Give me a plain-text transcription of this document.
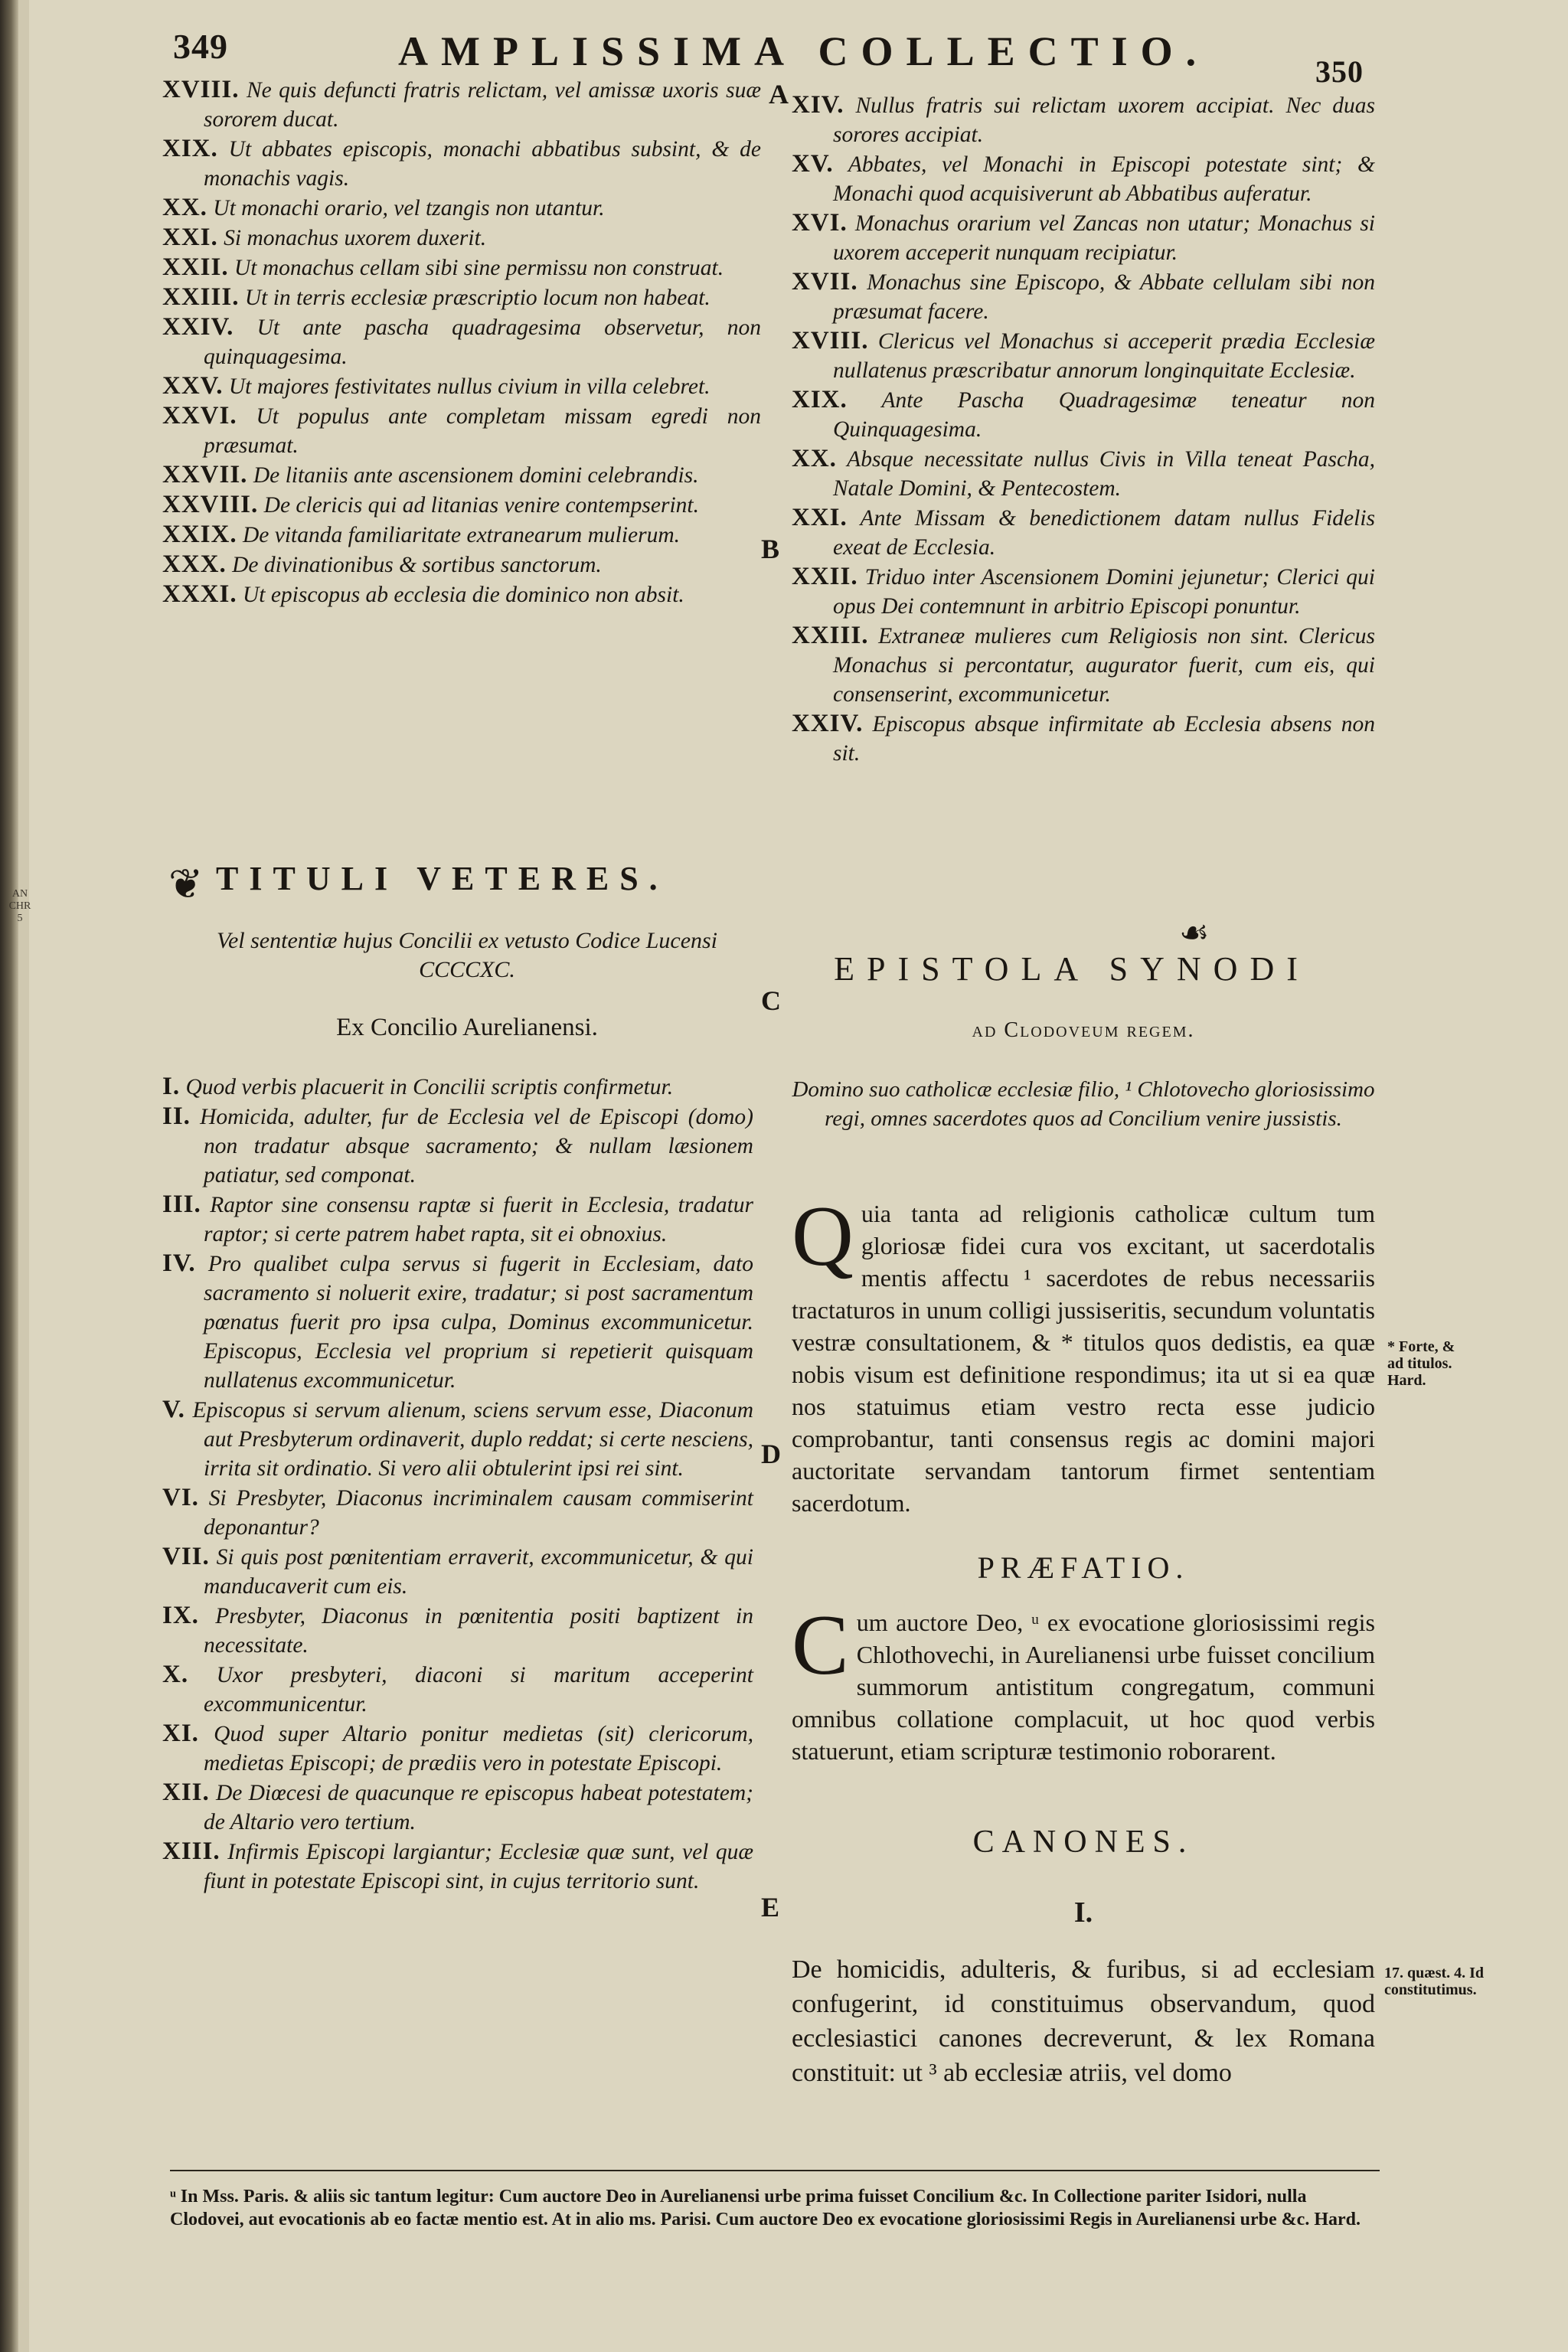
AN
CHR
5
349	AMPLISSIMA COLLECTIO.	350
XVIII. Ne quis defuncti fratris relictam, vel amissæ uxoris suæ sororem ducat.
XIX. Ut abbates episcopis, monachi abbatibus subsint, & de monachis vagis.
XX. Ut monachi orario, vel tzangis non utantur.
XXI. Si monachus uxorem duxerit.
XXII. Ut monachus cellam sibi sine permissu non construat.
XXIII. Ut in terris ecclesiæ præscriptio locum non habeat.
XXIV. Ut ante pascha quadragesima observetur, non quinquagesima.
XXV. Ut majores festivitates nullus civium in villa celebret.
XXVI. Ut populus ante completam missam egredi non præsumat.
XXVII. De litaniis ante ascensionem domini celebrandis.
XXVIII. De clericis qui ad litanias venire contempserint.
XXIX. De vitanda familiaritate extranearum mulierum.
XXX. De divinationibus & sortibus sanctorum.
XXXI. Ut episcopus ab ecclesia die dominico non absit.
❦ TITULI VETERES.
Vel sententiæ hujus Concilii ex vetusto Codice Lucensi CCCCXC.
Ex Concilio Aurelianensi.
I. Quod verbis placuerit in Concilii scriptis confirmetur.
II. Homicida, adulter, fur de Ecclesia vel de Episcopi (domo) non tradatur absque sacramento; & nullam læsionem patiatur, sed componat.
III. Raptor sine consensu raptæ si fuerit in Ecclesia, tradatur raptor; si certe patrem habet rapta, sit ei obnoxius.
IV. Pro qualibet culpa servus si fugerit in Ecclesiam, dato sacramento si noluerit exire, tradatur; si post sacramentum pœnatus fuerit pro ipsa culpa, Dominus excommunicetur. Episcopus, Ecclesia vel proprium si repetierit quisquam nullatenus excommunicetur.
V. Episcopus si servum alienum, sciens servum esse, Diaconum aut Presbyterum ordinaverit, duplo reddat; si certe nesciens, irrita sit ordinatio. Si vero alii obtulerint ipsi rei sint.
VI. Si Presbyter, Diaconus incriminalem causam commiserint deponantur?
VII. Si quis post pœnitentiam erraverit, excommunicetur, & qui manducaverit cum eis.
IX. Presbyter, Diaconus in pœnitentia positi baptizent in necessitate.
X. Uxor presbyteri, diaconi si maritum acceperint excommunicentur.
XI. Quod super Altario ponitur medietas (sit) clericorum, medietas Episcopi; de prædiis vero in potestate Episcopi.
XII. De Diœcesi de quacunque re episcopus habeat potestatem; de Altario vero tertium.
XIII. Infirmis Episcopi largiantur; Ecclesiæ quæ sunt, vel quæ fiunt in potestate Episcopi sint, in cujus territorio sunt.
A
B
C
D
E
XIV. Nullus fratris sui relictam uxorem accipiat. Nec duas sorores accipiat.
XV. Abbates, vel Monachi in Episcopi potestate sint; & Monachi quod acquisiverunt ab Abbatibus auferatur.
XVI. Monachus orarium vel Zancas non utatur; Monachus si uxorem acceperit nunquam recipiatur.
XVII. Monachus sine Episcopo, & Abbate cellulam sibi non præsumat facere.
XVIII. Clericus vel Monachus si acceperit prædia Ecclesiæ nullatenus præscribatur annorum longinquitate Ecclesiæ.
XIX. Ante Pascha Quadragesimæ teneatur non Quinquagesima.
XX. Absque necessitate nullus Civis in Villa teneat Pascha, Natale Domini, & Pentecostem.
XXI. Ante Missam & benedictionem datam nullus Fidelis exeat de Ecclesia.
XXII. Triduo inter Ascensionem Domini jejunetur; Clerici qui opus Dei contemnunt in arbitrio Episcopi ponuntur.
XXIII. Extraneæ mulieres cum Religiosis non sint. Clericus Monachus si percontatur, augurator fuerit, cum eis, qui consenserint, excommunicetur.
XXIV. Episcopus absque infirmitate ab Ecclesia absens non sit.
☙
EPISTOLA SYNODI
ad Clodoveum regem.
Domino suo catholicæ ecclesiæ filio, ¹ Chlotovecho gloriosissimo regi, omnes sacerdotes quos ad Concilium venire jussistis.

Quia tanta ad religionis catholicæ cultum tum gloriosæ fidei cura vos excitant, ut sacerdotalis mentis affectu ¹ sacerdotes de rebus necessariis tractaturos in unum colligi jussiseritis, secundum voluntatis vestræ consultationem, & * titulos quos dedistis, ea quæ nobis visum est definitione respondimus; ita ut si ea quæ nos statuimus etiam vestro recta esse judicio comprobantur, tanti consensus regis ac domini majori auctoritate servandam tantorum firmet sententiam sacerdotum.

PRÆFATIO.

Cum auctore Deo, ᵘ ex evocatione gloriosissimi regis Chlothovechi, in Aurelianensi urbe fuisset concilium summorum antistitum congregatum, communi omnibus collatione complacuit, ut hoc quod verbis statuerunt, etiam scripturæ testimonio roborarent.

CANONES.
I.

De homicidis, adulteris, & furibus, si ad ecclesiam confugerint, id constituimus observandum, quod ecclesiastici canones decreverunt, & lex Romana constituit: ut ³ ab ecclesiæ atriis, vel domo

* Forte, & ad titulos. Hard.
17. quæst. 4. Id constitutimus.

ᵘ In Mss. Paris. & aliis sic tantum legitur: Cum auctore Deo in Aurelianensi urbe prima fuisset Concilium &c. In Collectione pariter Isidori, nulla Clodovei, aut evocationis ab eo factæ mentio est. At in alio ms. Parisi. Cum auctore Deo ex evocatione gloriosissimi Regis in Aurelianensi urbe &c. Hard.
